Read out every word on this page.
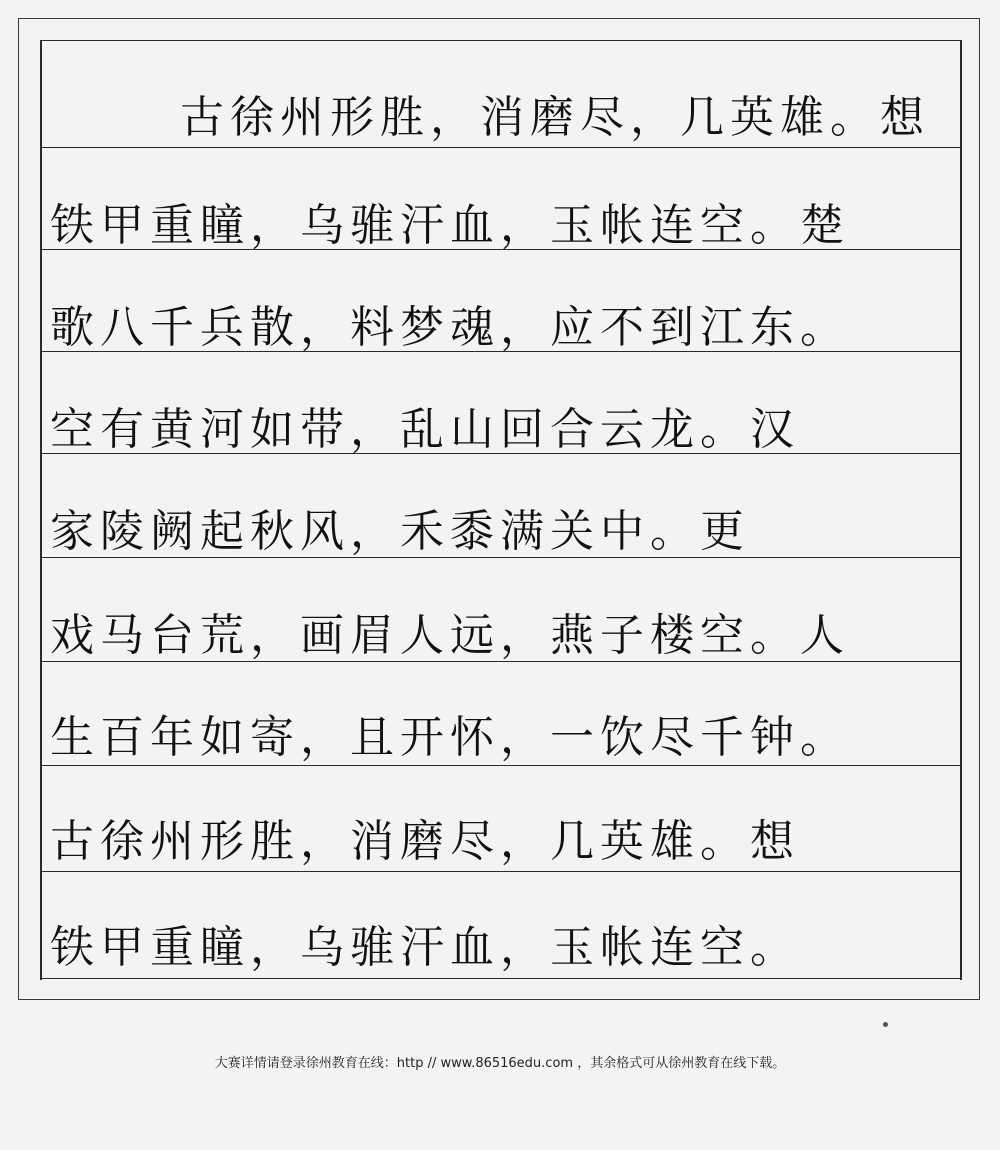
古徐州形胜，消磨尽，几英雄。想
铁甲重瞳，乌骓汗血，玉帐连空。楚
歌八千兵散，料梦魂，应不到江东。
空有黄河如带，乱山回合云龙。汉
家陵阙起秋风，禾黍满关中。更
戏马台荒，画眉人远，燕子楼空。人
生百年如寄，且开怀，一饮尽千钟。
古徐州形胜，消磨尽，几英雄。想
铁甲重瞳，乌骓汗血，玉帐连空。
大赛详情请登录徐州教育在线：http // www.86516edu.com ，其余格式可从徐州教育在线下载。
